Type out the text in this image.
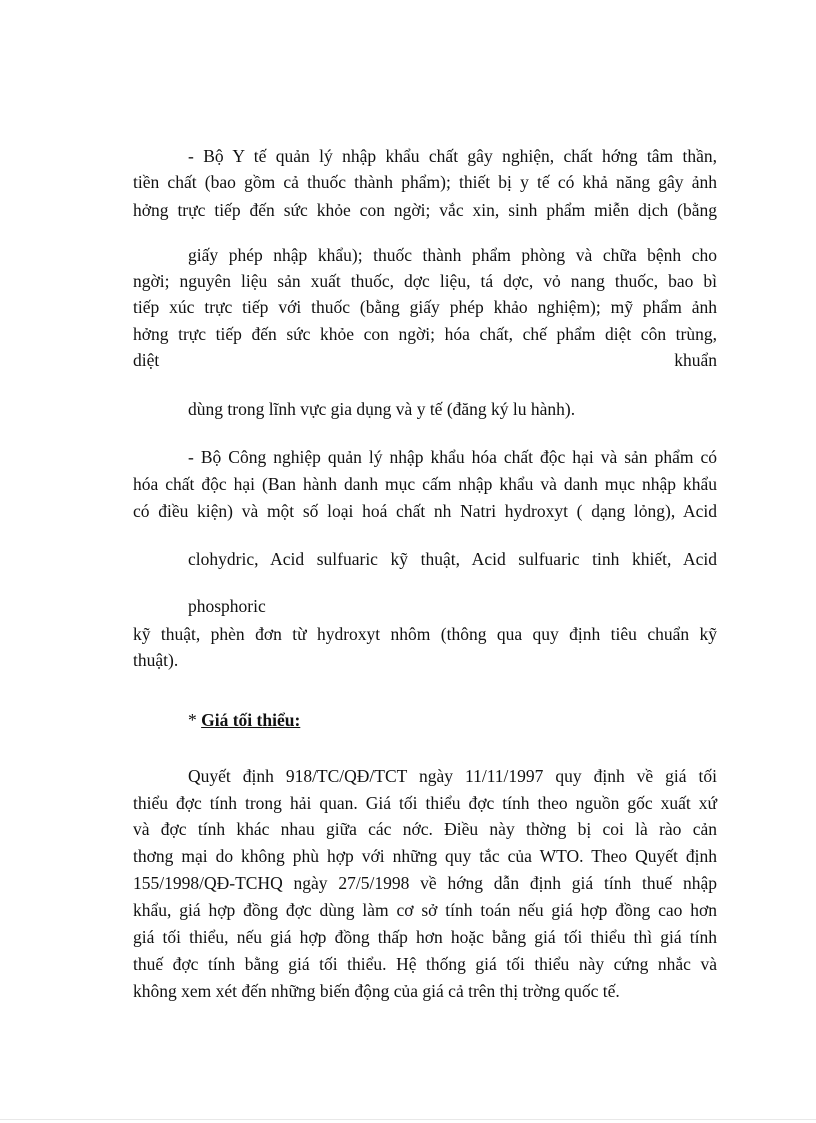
- Bộ Y tế quản lý nhập khẩu chất gây nghiện, chất hớng tâm thần,
tiền chất (bao gồm cả thuốc thành phẩm); thiết bị y tế có khả năng gây ảnh
hởng trực tiếp đến sức khỏe con ngời; vắc xin, sinh phẩm miễn dịch (bằng
giấy phép nhập khẩu); thuốc thành phẩm phòng và chữa bệnh cho
ngời; nguyên liệu sản xuất thuốc, dợc liệu, tá dợc, vỏ nang thuốc, bao bì
tiếp xúc trực tiếp với thuốc (bằng giấy phép khảo nghiệm); mỹ phẩm ảnh
hởng trực tiếp đến sức khỏe con ngời; hóa chất, chế phẩm diệt côn trùng,
diệt	khuẩn
dùng trong lĩnh vực gia dụng và y tế (đăng ký lu hành).
- Bộ Công nghiệp quản lý nhập khẩu hóa chất độc hại và sản phẩm có
hóa chất độc hại (Ban hành danh mục cấm nhập khẩu và danh mục nhập khẩu
có điều kiện) và một số loại hoá chất nh Natri hydroxyt ( dạng lỏng), Acid
clohydric, Acid sulfuaric kỹ thuật, Acid sulfuaric tinh khiết, Acid
phosphoric
kỹ thuật, phèn đơn từ hydroxyt nhôm (thông qua quy định tiêu chuẩn kỹ
thuật).
* Giá tối thiểu:
Quyết định 918/TC/QĐ/TCT ngày 11/11/1997 quy định về giá tối
thiểu đợc tính trong hải quan. Giá tối thiểu đợc tính theo nguồn gốc xuất xứ
và đợc tính khác nhau giữa các nớc. Điều này thờng bị coi là rào cản
thơng mại do không phù hợp với những quy tắc của WTO. Theo Quyết định
155/1998/QĐ-TCHQ ngày 27/5/1998 về hớng dẫn định giá tính thuế nhập
khẩu, giá hợp đồng đợc dùng làm cơ sở tính toán nếu giá hợp đồng cao hơn
giá tối thiểu, nếu giá hợp đồng thấp hơn hoặc bằng giá tối thiểu thì giá tính
thuế đợc tính bằng giá tối thiểu. Hệ thống giá tối thiểu này cứng nhắc và
không xem xét đến những biến động của giá cả trên thị trờng quốc tế.
